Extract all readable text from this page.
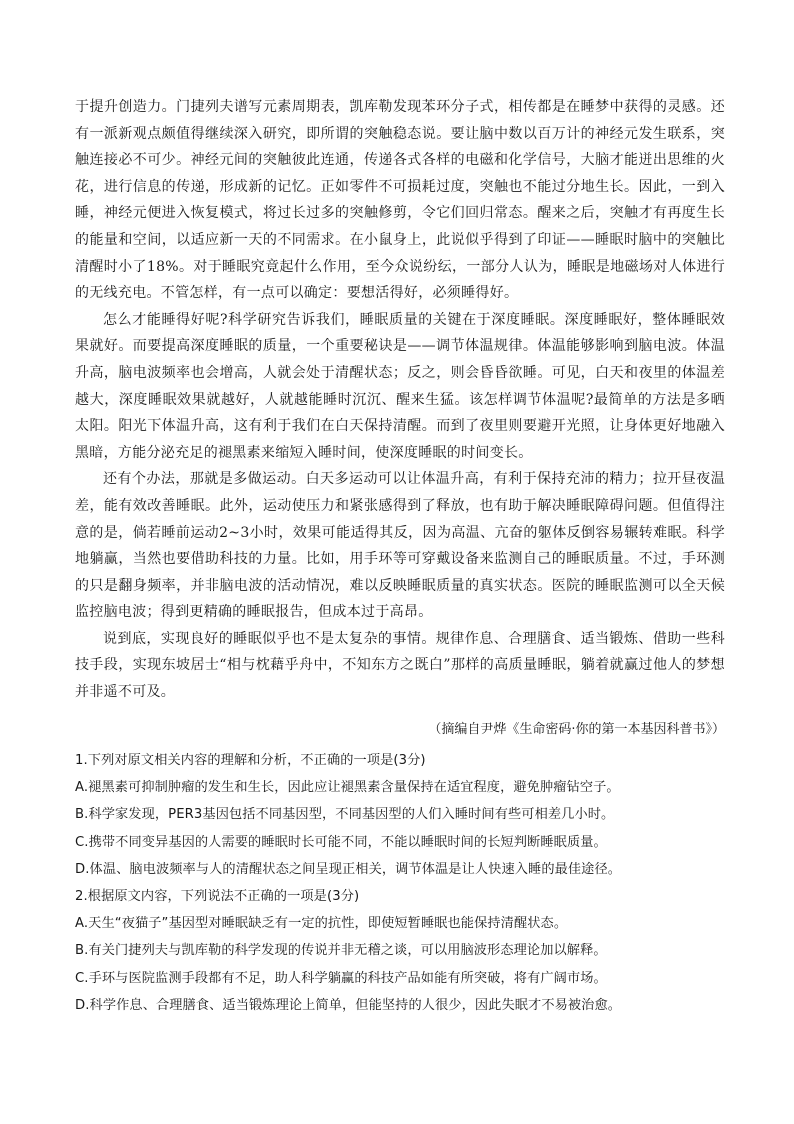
于提升创造力。门捷列夫谱写元素周期表，凯库勒发现苯环分子式，相传都是在睡梦中获得的灵感。还有一派新观点颇值得继续深入研究，即所谓的突触稳态说。要让脑中数以百万计的神经元发生联系，突触连接必不可少。神经元间的突触彼此连通，传递各式各样的电磁和化学信号，大脑才能迸出思维的火花，进行信息的传递，形成新的记忆。正如零件不可损耗过度，突触也不能过分地生长。因此，一到入睡，神经元便进入恢复模式，将过长过多的突触修剪，令它们回归常态。醒来之后，突触才有再度生长的能量和空间，以适应新一天的不同需求。在小鼠身上，此说似乎得到了印证——睡眠时脑中的突触比清醒时小了18%。对于睡眠究竟起什么作用，至今众说纷纭，一部分人认为，睡眠是地磁场对人体进行的无线充电。不管怎样，有一点可以确定：要想活得好，必须睡得好。

怎么才能睡得好呢?科学研究告诉我们，睡眠质量的关键在于深度睡眠。深度睡眠好，整体睡眠效果就好。而要提高深度睡眠的质量，一个重要秘诀是——调节体温规律。体温能够影响到脑电波。体温升高，脑电波频率也会增高，人就会处于清醒状态；反之，则会昏昏欲睡。可见，白天和夜里的体温差越大，深度睡眠效果就越好，人就越能睡时沉沉、醒来生猛。该怎样调节体温呢?最简单的方法是多晒太阳。阳光下体温升高，这有利于我们在白天保持清醒。而到了夜里则要避开光照，让身体更好地融入黑暗，方能分泌充足的褪黑素来缩短入睡时间，使深度睡眠的时间变长。

还有个办法，那就是多做运动。白天多运动可以让体温升高，有利于保持充沛的精力；拉开昼夜温差，能有效改善睡眠。此外，运动使压力和紧张感得到了释放，也有助于解决睡眠障碍问题。但值得注意的是，倘若睡前运动2~3小时，效果可能适得其反，因为高温、亢奋的躯体反倒容易辗转难眠。科学地躺赢，当然也要借助科技的力量。比如，用手环等可穿戴设备来监测自己的睡眠质量。不过，手环测的只是翻身频率，并非脑电波的活动情况，难以反映睡眠质量的真实状态。医院的睡眠监测可以全天候监控脑电波；得到更精确的睡眠报告，但成本过于高昂。

说到底，实现良好的睡眠似乎也不是太复杂的事情。规律作息、合理膳食、适当锻炼、借助一些科技手段，实现东坡居士“相与枕藉乎舟中，不知东方之既白”那样的高质量睡眠，躺着就赢过他人的梦想并非遥不可及。

（摘编自尹烨《生命密码·你的第一本基因科普书》）

1.下列对原文相关内容的理解和分析，不正确的一项是(3分)

A.褪黑素可抑制肿瘤的发生和生长，因此应让褪黑素含量保持在适宜程度，避免肿瘤钻空子。

B.科学家发现，PER3基因包括不同基因型，不同基因型的人们入睡时间有些可相差几小时。

C.携带不同变异基因的人需要的睡眠时长可能不同，不能以睡眠时间的长短判断睡眠质量。

D.体温、脑电波频率与人的清醒状态之间呈现正相关，调节体温是让人快速入睡的最佳途径。

2.根据原文内容，下列说法不正确的一项是(3分)

A.天生“夜猫子”基因型对睡眠缺乏有一定的抗性，即使短暂睡眠也能保持清醒状态。

B.有关门捷列夫与凯库勒的科学发现的传说并非无稽之谈，可以用脑波形态理论加以解释。

C.手环与医院监测手段都有不足，助人科学躺赢的科技产品如能有所突破，将有广阔市场。

D.科学作息、合理膳食、适当锻炼理论上简单，但能坚持的人很少，因此失眠才不易被治愈。
